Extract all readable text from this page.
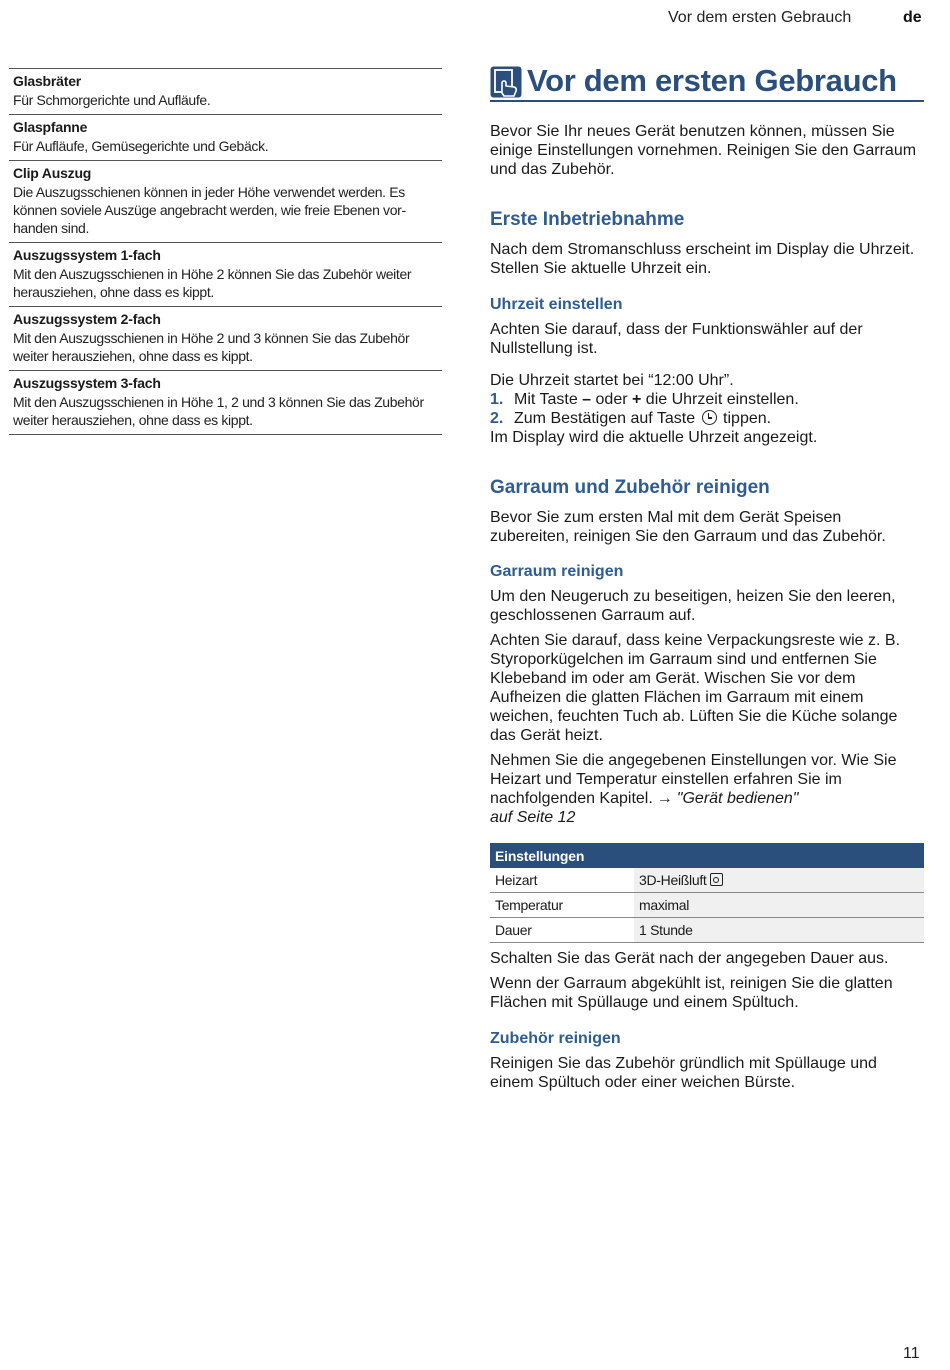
Vor dem ersten Gebrauch	de
Glasbräter
Für Schmorgerichte und Aufläufe.
Glaspfanne
Für Aufläufe, Gemüsegerichte und Gebäck.
Clip Auszug
Die Auszugsschienen können in jeder Höhe verwendet werden. Es können soviele Auszüge angebracht werden, wie freie Ebenen vor-handen sind.
Auszugssystem 1-fach
Mit den Auszugsschienen in Höhe 2 können Sie das Zubehör weiter herausziehen, ohne dass es kippt.
Auszugssystem 2-fach
Mit den Auszugsschienen in Höhe 2 und 3 können Sie das Zubehör weiter herausziehen, ohne dass es kippt.
Auszugssystem 3-fach
Mit den Auszugsschienen in Höhe 1, 2 und 3 können Sie das Zubehör weiter herausziehen, ohne dass es kippt.
Vor dem ersten Gebrauch

Bevor Sie Ihr neues Gerät benutzen können, müssen Sie einige Einstellungen vornehmen. Reinigen Sie den Garraum und das Zubehör.

Erste Inbetriebnahme

Nach dem Stromanschluss erscheint im Display die Uhrzeit. Stellen Sie aktuelle Uhrzeit ein.

Uhrzeit einstellen

Achten Sie darauf, dass der Funktionswähler auf der Nullstellung ist.

Die Uhrzeit startet bei “12:00 Uhr”.

1. Mit Taste – oder + die Uhrzeit einstellen.
2. Zum Bestätigen auf Taste  tippen.

Im Display wird die aktuelle Uhrzeit angezeigt.

Garraum und Zubehör reinigen

Bevor Sie zum ersten Mal mit dem Gerät Speisen zubereiten, reinigen Sie den Garraum und das Zubehör.

Garraum reinigen

Um den Neugeruch zu beseitigen, heizen Sie den leeren, geschlossenen Garraum auf.

Achten Sie darauf, dass keine Verpackungsreste wie z. B. Styroporkügelchen im Garraum sind und entfernen Sie Klebeband im oder am Gerät. Wischen Sie vor dem Aufheizen die glatten Flächen im Garraum mit einem weichen, feuchten Tuch ab. Lüften Sie die Küche solange das Gerät heizt.

Nehmen Sie die angegebenen Einstellungen vor. Wie Sie Heizart und Temperatur einstellen erfahren Sie im nachfolgenden Kapitel. → "Gerät bedienen"
auf Seite 12

Einstellungen	
Heizart	3D-Heißluft
Temperatur	maximal
Dauer	1 Stunde

Schalten Sie das Gerät nach der angegeben Dauer aus.

Wenn der Garraum abgekühlt ist, reinigen Sie die glatten Flächen mit Spüllauge und einem Spültuch.

Zubehör reinigen

Reinigen Sie das Zubehör gründlich mit Spüllauge und einem Spültuch oder einer weichen Bürste.

11
